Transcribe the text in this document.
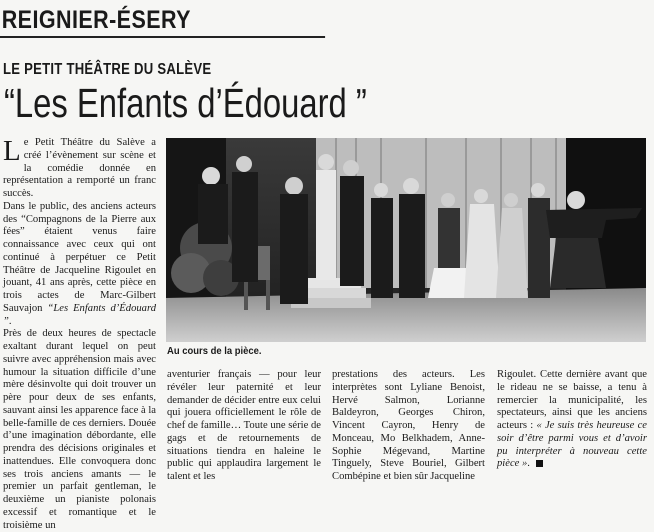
REIGNIER-ÉSERY
LE PETIT THÉÂTRE DU SALÈVE
“Les Enfants d’Édouard ”

Le Petit Théâtre du Salève a créé l’évènement sur scène et la comédie donnée en représentation a remporté un franc succès.

Dans le public, des anciens acteurs des “Compagnons de la Pierre aux fées” étaient venus faire connaissance avec ceux qui ont continué à perpétuer ce Petit Théâtre de Jacqueline Rigoulet en jouant, 41 ans après, cette pièce en trois actes de Marc-Gilbert Sauvajon “Les Enfants d’Édouard ”.

Près de deux heures de spectacle exaltant durant lequel on peut suivre avec appréhension mais avec humour la situation difficile d’une mère désinvolte qui doit trouver un père pour deux de ses enfants, sauvant ainsi les apparence face à la belle-famille de ces derniers. Douée d’une imagination débordante, elle prendra des décisions originales et inattendues. Elle convoquera donc ses trois anciens amants — le premier un parfait gentleman, le deuxième un pianiste polonais excessif et romantique et le troisième un

Au cours de la pièce.

aventurier français — pour leur révéler leur paternité et leur demander de décider entre eux celui qui jouera officiellement le rôle de chef de famille… Toute une série de gags et de retournements de situations tiendra en haleine le public qui applaudira largement le talent et les

prestations des acteurs. Les interprètes sont Lyliane Benoist, Hervé Salmon, Lorianne Baldeyron, Georges Chiron, Vincent Cayron, Henry de Monceau, Mo Belkhadem, Anne-Sophie Mégevand, Martine Tinguely, Steve Bouriel, Gilbert Combépine et bien sûr Jacqueline

Rigoulet. Cette dernière avant que le rideau ne se baisse, a tenu à remercier la municipalité, les spectateurs, ainsi que les anciens acteurs : « Je suis très heureuse ce soir d’être parmi vous et d’avoir pu interpréter à nouveau cette pièce ».
